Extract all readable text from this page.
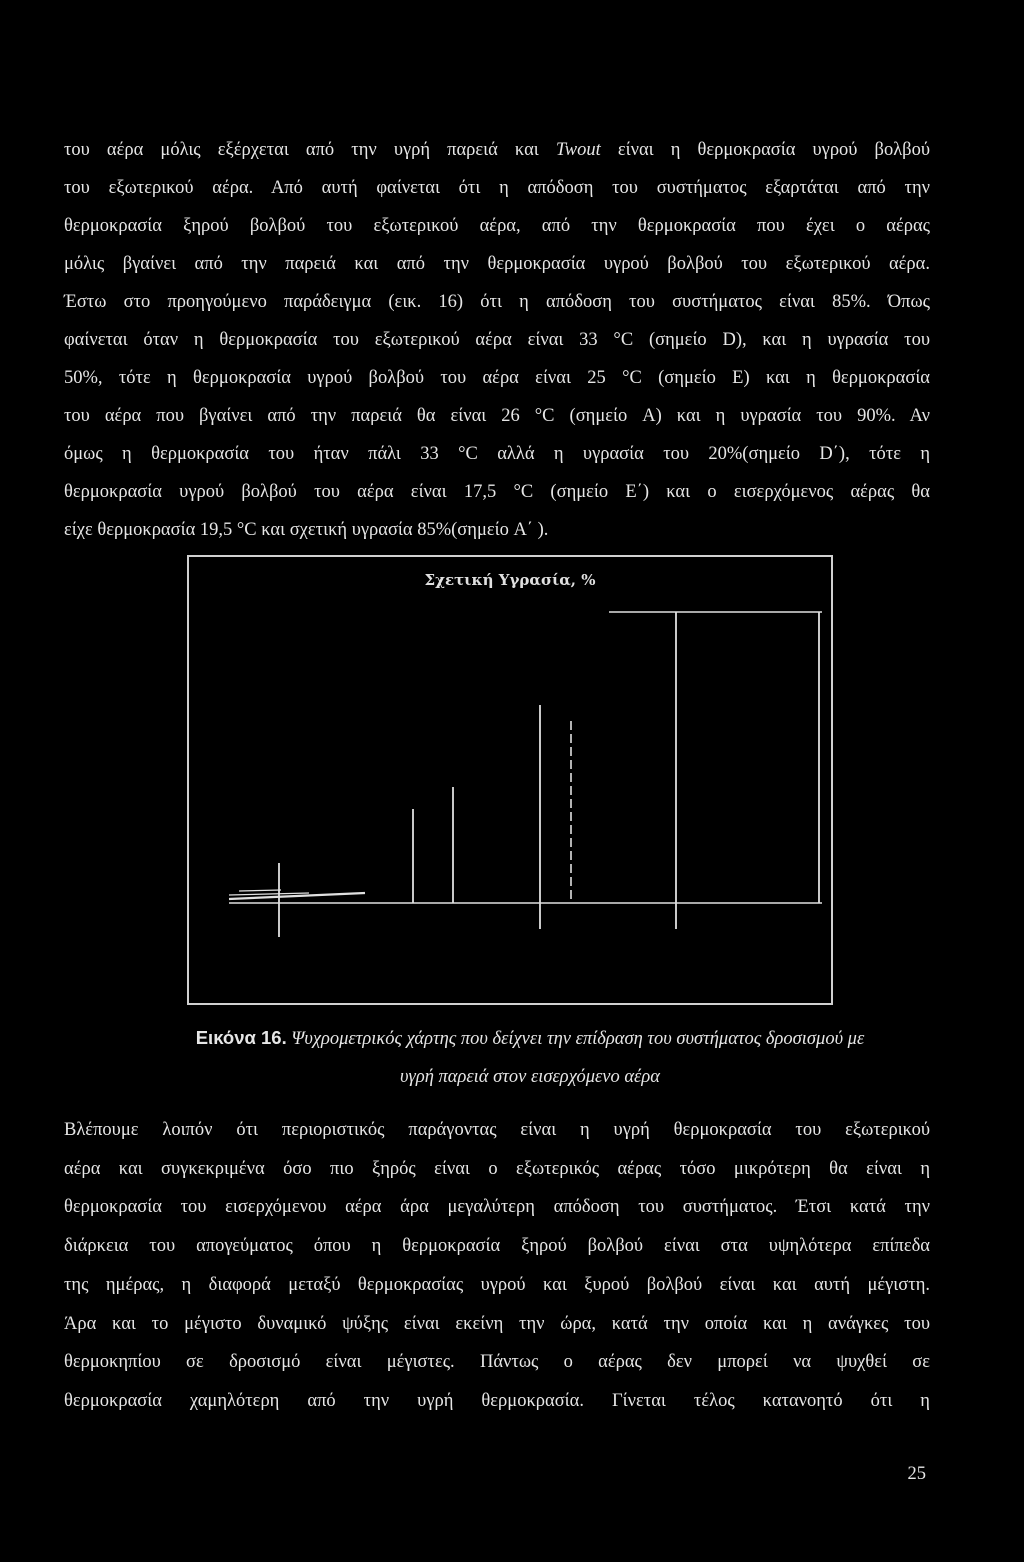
του αέρα μόλις εξέρχεται από την υγρή παρειά και Twout είναι η θερμοκρασία υγρού βολβού
του εξωτερικού αέρα. Από αυτή φαίνεται ότι η απόδοση του συστήματος εξαρτάται από την
θερμοκρασία ξηρού βολβού του εξωτερικού αέρα, από την θερμοκρασία που έχει ο αέρας
μόλις βγαίνει από την παρειά και από την θερμοκρασία υγρού βολβού του εξωτερικού αέρα.
Έστω στο προηγούμενο παράδειγμα (εικ. 16) ότι η απόδοση του συστήματος είναι 85%. Όπως
φαίνεται όταν η θερμοκρασία του εξωτερικού αέρα είναι 33 °C (σημείο D), και η υγρασία του
50%, τότε η θερμοκρασία υγρού βολβού του αέρα είναι 25 °C (σημείο E) και η θερμοκρασία
του αέρα που βγαίνει από την παρειά θα είναι 26 °C (σημείο A) και η υγρασία του 90%. Αν
όμως η θερμοκρασία του ήταν πάλι 33 °C αλλά η υγρασία του 20%(σημείο D΄), τότε η
θερμοκρασία υγρού βολβού του αέρα είναι 17,5 °C (σημείο E΄) και ο εισερχόμενος αέρας θα
είχε θερμοκρασία 19,5 °C και σχετική υγρασία 85%(σημείο A΄ ).
Σχετική Υγρασία, %
Εικόνα 16. Ψυχρομετρικός χάρτης που δείχνει την επίδραση του συστήματος δροσισμού με
υγρή παρειά στον εισερχόμενο αέρα
Βλέπουμε λοιπόν ότι περιοριστικός παράγοντας είναι η υγρή θερμοκρασία του εξωτερικού
αέρα και συγκεκριμένα όσο πιο ξηρός είναι ο εξωτερικός αέρας τόσο μικρότερη θα είναι η
θερμοκρασία του εισερχόμενου αέρα άρα μεγαλύτερη απόδοση του συστήματος. Έτσι κατά την
διάρκεια του απογεύματος όπου η θερμοκρασία ξηρού βολβού είναι στα υψηλότερα επίπεδα
της ημέρας, η διαφορά μεταξύ θερμοκρασίας υγρού και ξυρού βολβού είναι και αυτή μέγιστη.
Άρα και το μέγιστο δυναμικό ψύξης είναι εκείνη την ώρα, κατά την οποία και η ανάγκες του
θερμοκηπίου σε δροσισμό είναι μέγιστες. Πάντως ο αέρας δεν μπορεί να ψυχθεί σε
θερμοκρασία χαμηλότερη από την υγρή θερμοκρασία. Γίνεται τέλος κατανοητό ότι η
25
